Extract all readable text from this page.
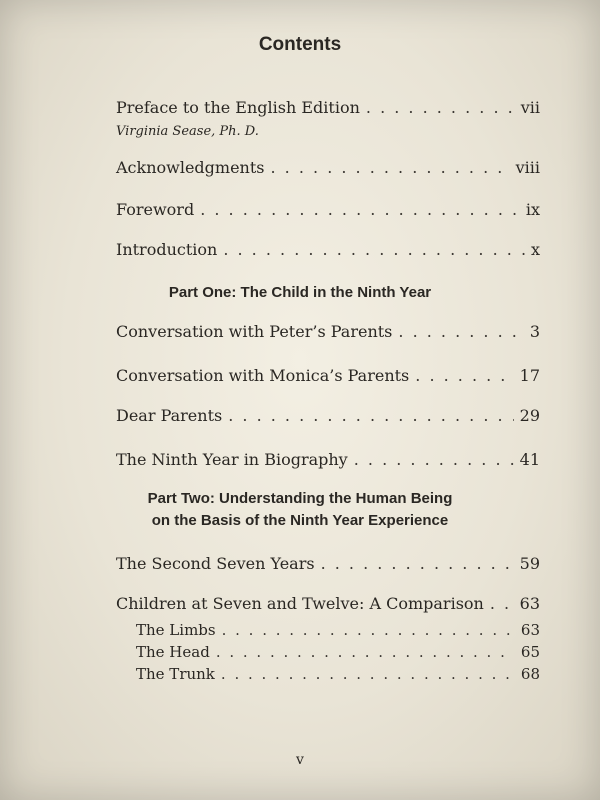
Contents
Preface to the English Edition . . .	vii
Virginia Sease, Ph. D.
Acknowledgments . . .	viii
Foreword . . .	ix
Introduction . . .	x
Part One: The Child in the Ninth Year
Conversation with Peter’s Parents . . .	3
Conversation with Monica’s Parents . . .	17
Dear Parents . . .	29
The Ninth Year in Biography . . .	41
Part Two: Understanding the Human Being
on the Basis of the Ninth Year Experience
The Second Seven Years . . .	59
Children at Seven and Twelve: A Comparison . . . 63
The Limbs . . .	63
The Head . . .	65
The Trunk . . .	68
v
